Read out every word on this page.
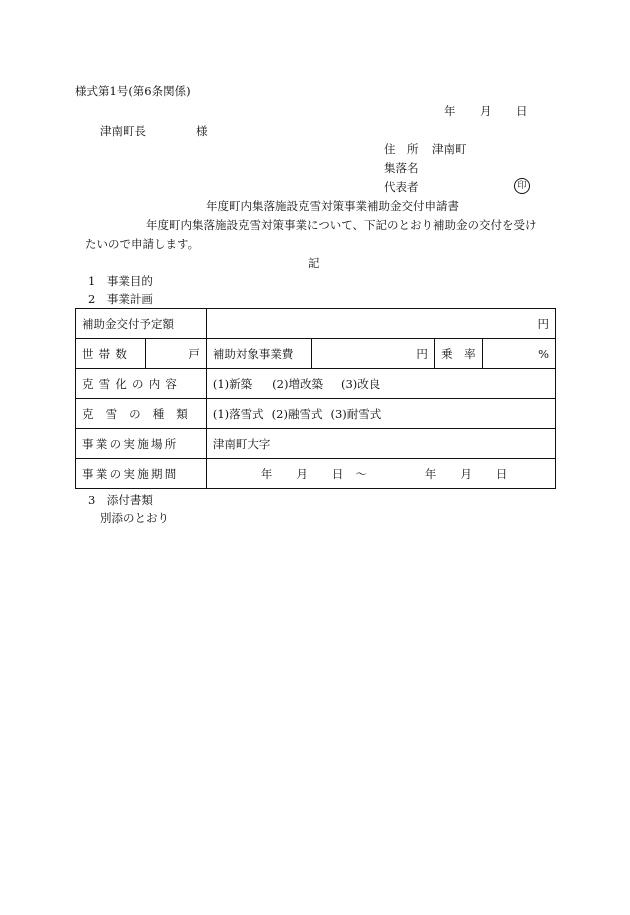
様式第1号(第6条関係)
年 月 日
津南町長	様
住　所 津南町
集落名
代表者	印
年度町内集落施設克雪対策事業補助金交付申請書
年度町内集落施設克雪対策事業について、下記のとおり補助金の交付を受け
たいので申請します。
記
1　事業目的
2　事業計画
補助金交付予定額		円			
世帯数	戸	補助対象事業費	円	乗　率	%
克雪化の内容		(1)新築 (2)増改築 (3)改良			
克雪の種類		(1)落雪式 (2)融雪式 (3)耐雪式			
事業の実施場所		津南町大字			
事業の実施期間		年 月 日 ～ 年 月 日			
3　添付書類
別添のとおり
